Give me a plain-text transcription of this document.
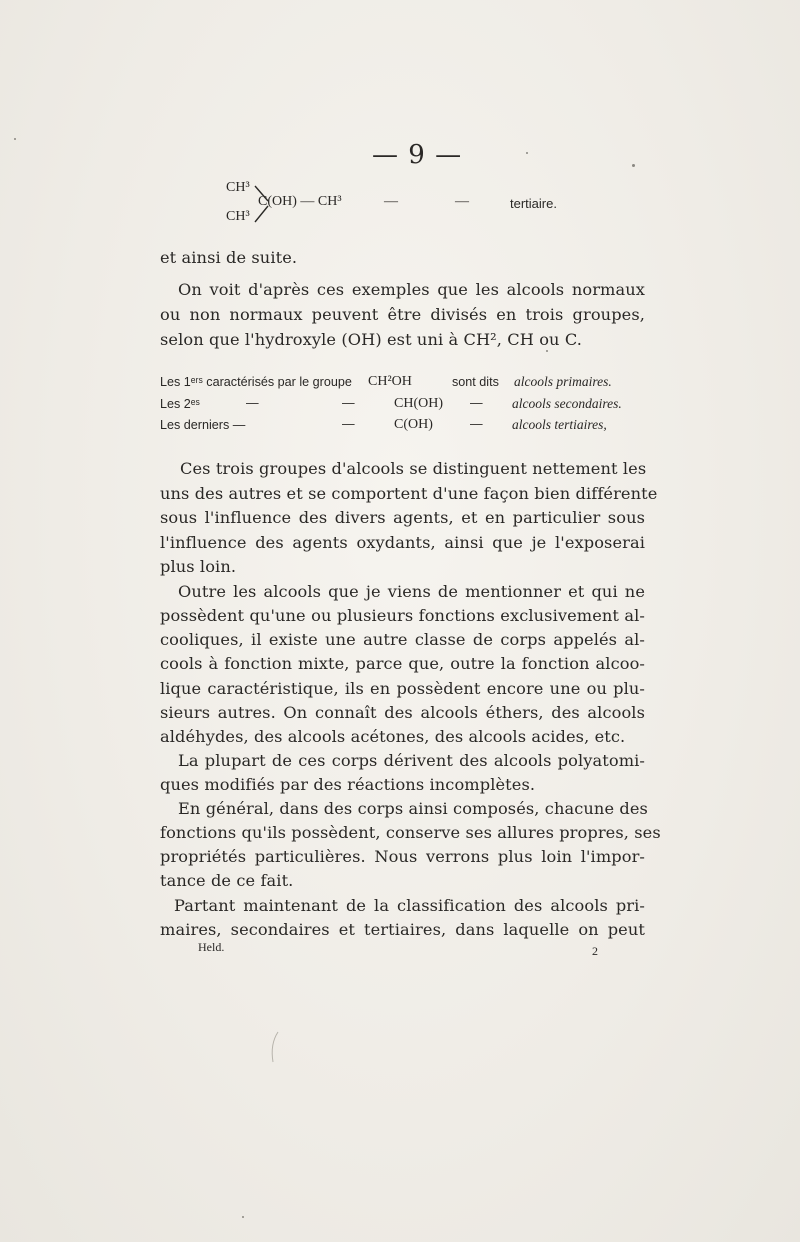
— 9 —
CH³
CH³
C(OH) — CH³	—	—	tertiaire.
et ainsi de suite.
On voit d'après ces exemples que les alcools normaux
ou non normaux peuvent être divisés en trois groupes,
selon que l'hydroxyle (OH) est uni à CH², CH ou C.
Les 1ᵉʳˢ caractérisés par le groupe CH²OH	sont dits alcools primaires.
Les 2ᵉˢ	—	—	CH(OH) — alcools secondaires.
Les derniers —	—	C(OH)	— alcools tertiaires,
Ces trois groupes d'alcools se distinguent nettement les
uns des autres et se comportent d'une façon bien différente
sous l'influence des divers agents, et en particulier sous
l'influence des agents oxydants, ainsi que je l'exposerai
plus loin.
Outre les alcools que je viens de mentionner et qui ne
possèdent qu'une ou plusieurs fonctions exclusivement al-
cooliques, il existe une autre classe de corps appelés al-
cools à fonction mixte, parce que, outre la fonction alcoo-
lique caractéristique, ils en possèdent encore une ou plu-
sieurs autres. On connaît des alcools éthers, des alcools
aldéhydes, des alcools acétones, des alcools acides, etc.
La plupart de ces corps dérivent des alcools polyatomi-
ques modifiés par des réactions incomplètes.
En général, dans des corps ainsi composés, chacune des
fonctions qu'ils possèdent, conserve ses allures propres, ses
propriétés particulières. Nous verrons plus loin l'impor-
tance de ce fait.
Partant maintenant de la classification des alcools pri-
maires, secondaires et tertiaires, dans laquelle on peut
Held.	2
